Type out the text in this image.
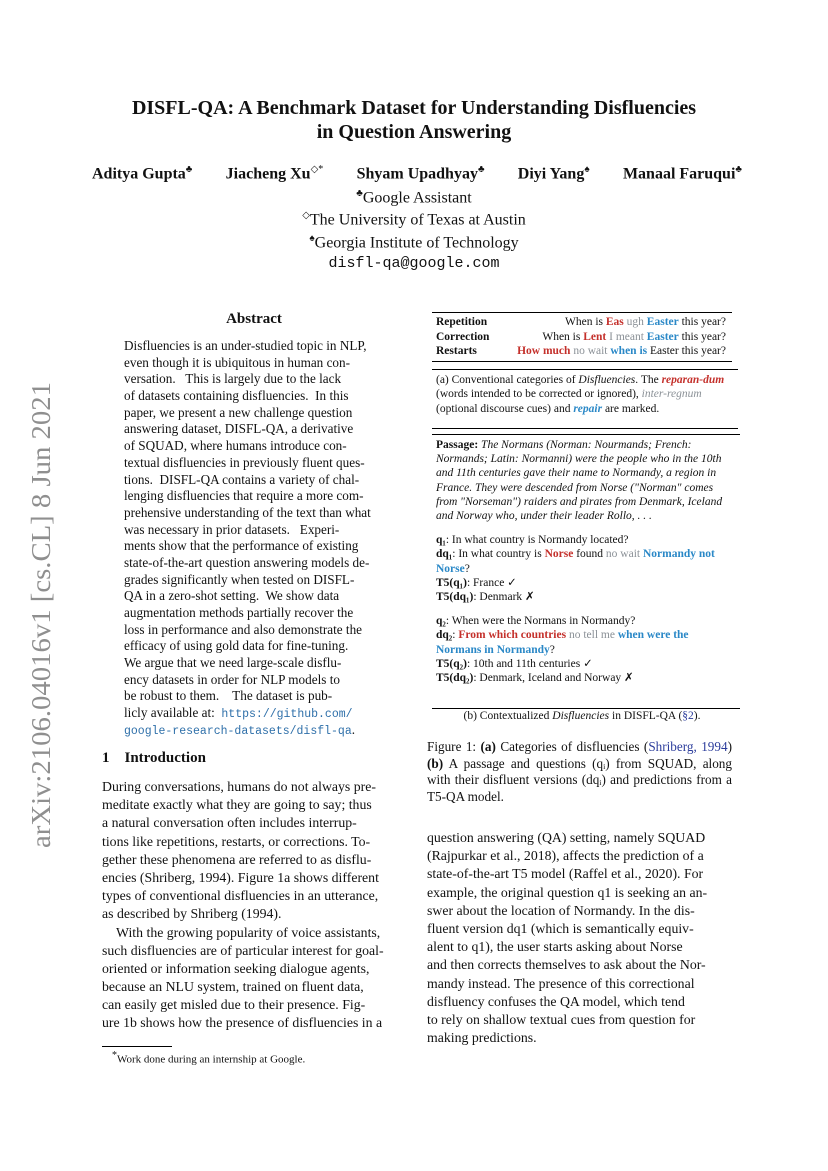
arXiv:2106.04016v1 [cs.CL] 8 Jun 2021
DISFL-QA: A Benchmark Dataset for Understanding Disfluencies
in Question Answering
Aditya Gupta♣ Jiacheng Xu◇* Shyam Upadhyay♣ Diyi Yang♠ Manaal Faruqui♣
♣Google Assistant
◇The University of Texas at Austin
♠Georgia Institute of Technology
disfl-qa@google.com
Abstract
Disfluencies is an under-studied topic in NLP,
even though it is ubiquitous in human con-
versation.   This is largely due to the lack
of datasets containing disfluencies.  In this
paper, we present a new challenge question
answering dataset, DISFL-QA, a derivative
of SQUAD, where humans introduce con-
textual disfluencies in previously fluent ques-
tions.  DISFL-QA contains a variety of chal-
lenging disfluencies that require a more com-
prehensive understanding of the text than what
was necessary in prior datasets.   Experi-
ments show that the performance of existing
state-of-the-art question answering models de-
grades significantly when tested on DISFL-
QA in a zero-shot setting.  We show data
augmentation methods partially recover the
loss in performance and also demonstrate the
efficacy of using gold data for fine-tuning.
We argue that we need large-scale disflu-
ency datasets in order for NLP models to
be robust to them.    The dataset is pub-
licly available at:  https://github.com/
google-research-datasets/disfl-qa.
1 Introduction
During conversations, humans do not always pre-
meditate exactly what they are going to say; thus
a natural conversation often includes interrup-
tions like repetitions, restarts, or corrections. To-
gether these phenomena are referred to as disflu-
encies (Shriberg, 1994). Figure 1a shows different
types of conventional disfluencies in an utterance,
as described by Shriberg (1994).
With the growing popularity of voice assistants,
such disfluencies are of particular interest for goal-
oriented or information seeking dialogue agents,
because an NLU system, trained on fluent data,
can easily get misled due to their presence. Fig-
ure 1b shows how the presence of disfluencies in a
*Work done during an internship at Google.
Repetition	When is Eas ugh Easter this year?
Correction	When is Lent I meant Easter this year?
Restarts	How much no wait when is Easter this year?
(a) Conventional categories of Disfluencies. The reparan-dum (words intended to be corrected or ignored), inter-regnum (optional discourse cues) and repair are marked.
Passage: The Normans (Norman: Nourmands; French: Normands; Latin: Normanni) were the people who in the 10th and 11th centuries gave their name to Normandy, a region in France. They were descended from Norse ("Norman" comes from "Norseman") raiders and pirates from Denmark, Iceland and Norway who, under their leader Rollo, . . .
q₁: In what country is Normandy located?
dq₁: In what country is Norse found no wait Normandy not Norse?
T5(q₁): France ✓
T5(dq₁): Denmark ✗
q₂: When were the Normans in Normandy?
dq₂: From which countries no tell me when were the Normans in Normandy?
T5(q₂): 10th and 11th centuries ✓
T5(dq₂): Denmark, Iceland and Norway ✗
(b) Contextualized Disfluencies in DISFL-QA (§2).
Figure 1: (a) Categories of disfluencies (Shriberg, 1994) (b) A passage and questions (qᵢ) from SQUAD, along with their disfluent versions (dqᵢ) and predictions from a T5-QA model.
question answering (QA) setting, namely SQUAD
(Rajpurkar et al., 2018), affects the prediction of a
state-of-the-art T5 model (Raffel et al., 2020). For
example, the original question q1 is seeking an an-
swer about the location of Normandy. In the dis-
fluent version dq1 (which is semantically equiv-
alent to q1), the user starts asking about Norse
and then corrects themselves to ask about the Nor-
mandy instead. The presence of this correctional
disfluency confuses the QA model, which tend
to rely on shallow textual cues from question for
making predictions.
